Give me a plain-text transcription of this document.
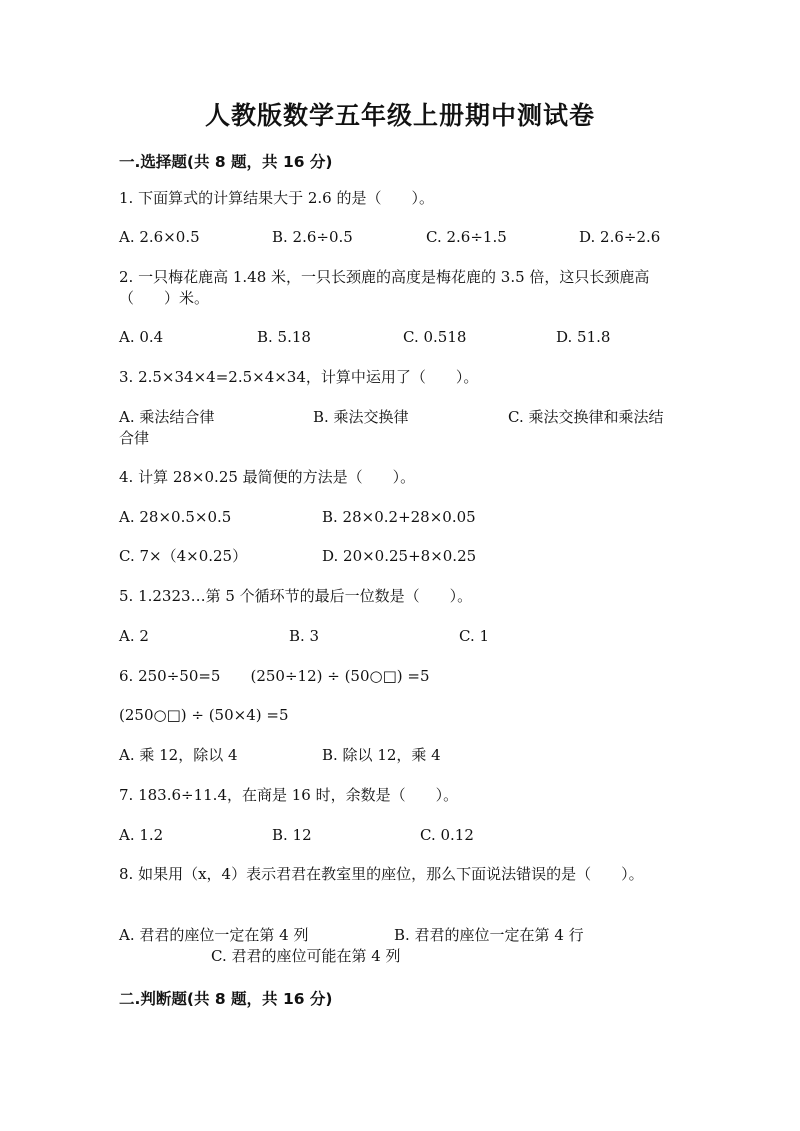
人教版数学五年级上册期中测试卷
一.选择题(共 8 题，共 16 分)
1. 下面算式的计算结果大于 2.6 的是（　　）。
A. 2.6×0.5	B. 2.6÷0.5	C. 2.6÷1.5	D. 2.6÷2.6
2. 一只梅花鹿高 1.48 米，一只长颈鹿的高度是梅花鹿的 3.5 倍，这只长颈鹿高（　　）米。
A. 0.4	B. 5.18	C. 0.518	D. 51.8
3. 2.5×34×4=2.5×4×34，计算中运用了（　　）。
A. 乘法结合律	B. 乘法交换律	C. 乘法交换律和乘法结
合律
4. 计算 28×0.25 最简便的方法是（　　）。
A. 28×0.5×0.5	B. 28×0.2+28×0.05
C. 7×（4×0.25）	D. 20×0.25+8×0.25
5. 1.2323…第 5 个循环节的最后一位数是（　　）。
A. 2	B. 3	C. 1
6. 250÷50=5　　(250÷12) ÷ (50○□) =5
(250○□) ÷ (50×4) =5
A. 乘 12，除以 4	B. 除以 12，乘 4
7. 183.6÷11.4，在商是 16 时，余数是（　　）。
A. 1.2	B. 12	C. 0.12
8. 如果用（x，4）表示君君在教室里的座位，那么下面说法错误的是（　　）。
A. 君君的座位一定在第 4 列	B. 君君的座位一定在第 4 行
C. 君君的座位可能在第 4 列
二.判断题(共 8 题，共 16 分)
